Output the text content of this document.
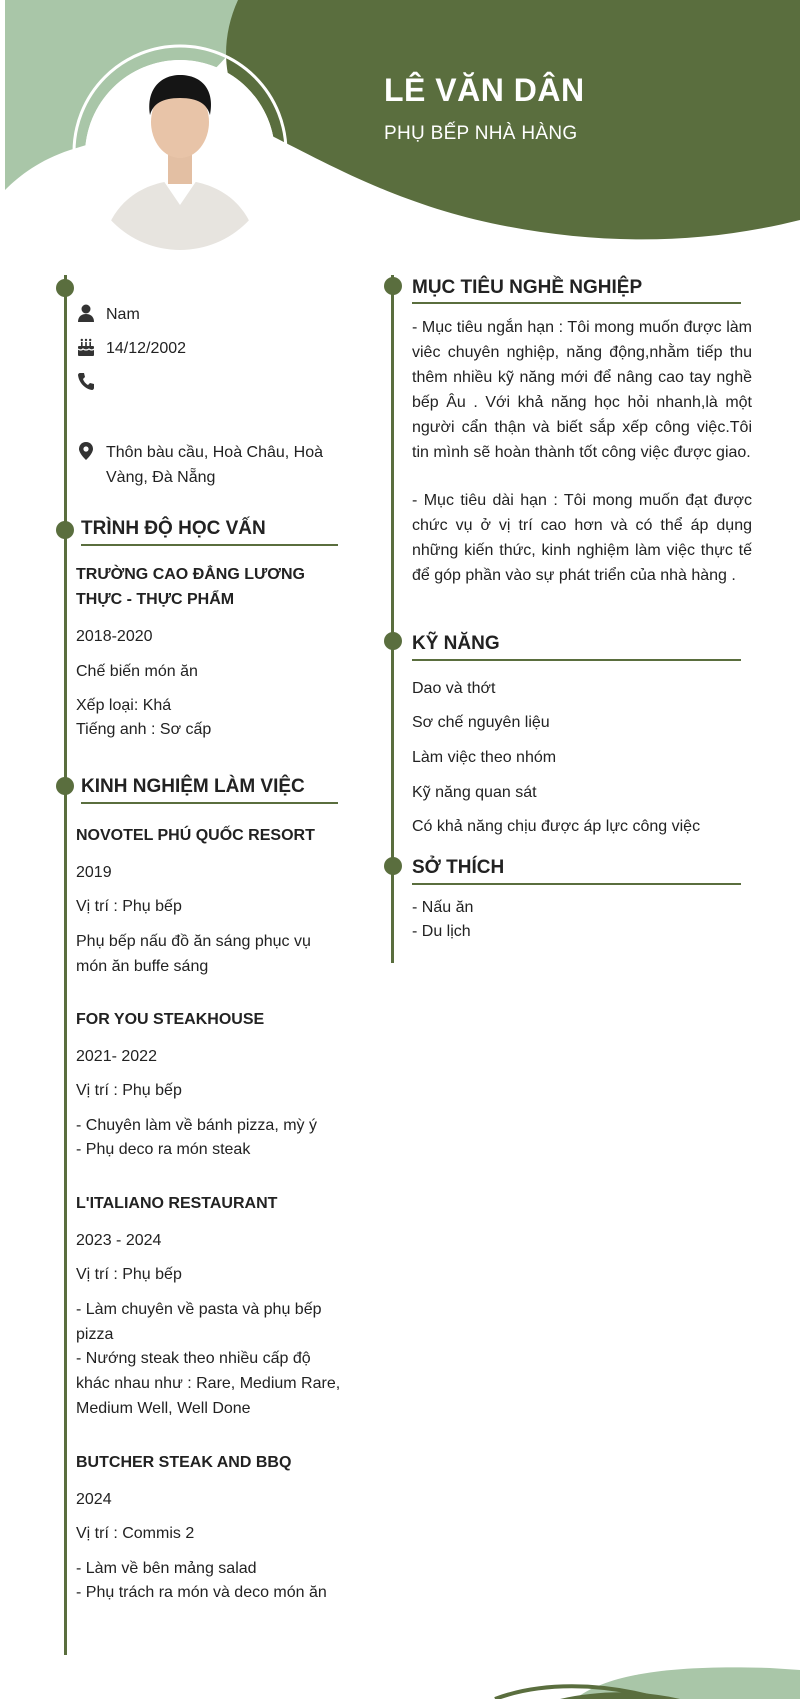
LÊ VĂN DÂN
PHỤ BẾP NHÀ HÀNG
Nam
14/12/2002
Thôn bàu cầu, Hoà Châu, Hoà Vàng, Đà Nẵng
TRÌNH ĐỘ HỌC VẤN
TRƯỜNG CAO ĐẲNG LƯƠNG THỰC - THỰC PHẨM
2018-2020
Chế biến món ăn
Xếp loại: Khá
Tiếng anh : Sơ cấp
KINH NGHIỆM LÀM VIỆC
NOVOTEL PHÚ QUỐC RESORT
2019
Vị trí : Phụ bếp
Phụ bếp nấu đồ ăn sáng phục vụ món ăn buffe sáng
FOR YOU STEAKHOUSE
2021- 2022
Vị trí : Phụ bếp
- Chuyên làm về bánh pizza, mỳ ý
- Phụ deco ra món steak
L'ITALIANO RESTAURANT
2023 - 2024
Vị trí : Phụ bếp
- Làm chuyên về pasta và phụ bếp pizza
- Nướng steak theo nhiều cấp độ khác nhau như : Rare, Medium Rare, Medium Well, Well Done
BUTCHER STEAK AND BBQ
2024
Vị trí : Commis 2
- Làm về bên mảng salad
- Phụ trách ra món và deco món ăn
MỤC TIÊU NGHỀ NGHIỆP
- Mục tiêu ngắn hạn : Tôi mong muốn được làm viêc chuyên nghiệp, năng động,nhằm tiếp thu thêm nhiều kỹ năng mới để nâng cao tay nghề bếp Âu . Với khả năng học hỏi nhanh,là một người cẩn thận và biết sắp xếp công việc.Tôi tin mình sẽ hoàn thành tốt công việc được giao.
- Mục tiêu dài hạn : Tôi mong muốn đạt được chức vụ ở vị trí cao hơn và có thể áp dụng những kiến thức, kinh nghiệm làm việc thực tế để góp phần vào sự phát triển của nhà hàng .
KỸ NĂNG
Dao và thớt
Sơ chế nguyên liệu
Làm việc theo nhóm
Kỹ năng quan sát
Có khả năng chịu được áp lực công việc
SỞ THÍCH
- Nấu ăn
- Du lịch
